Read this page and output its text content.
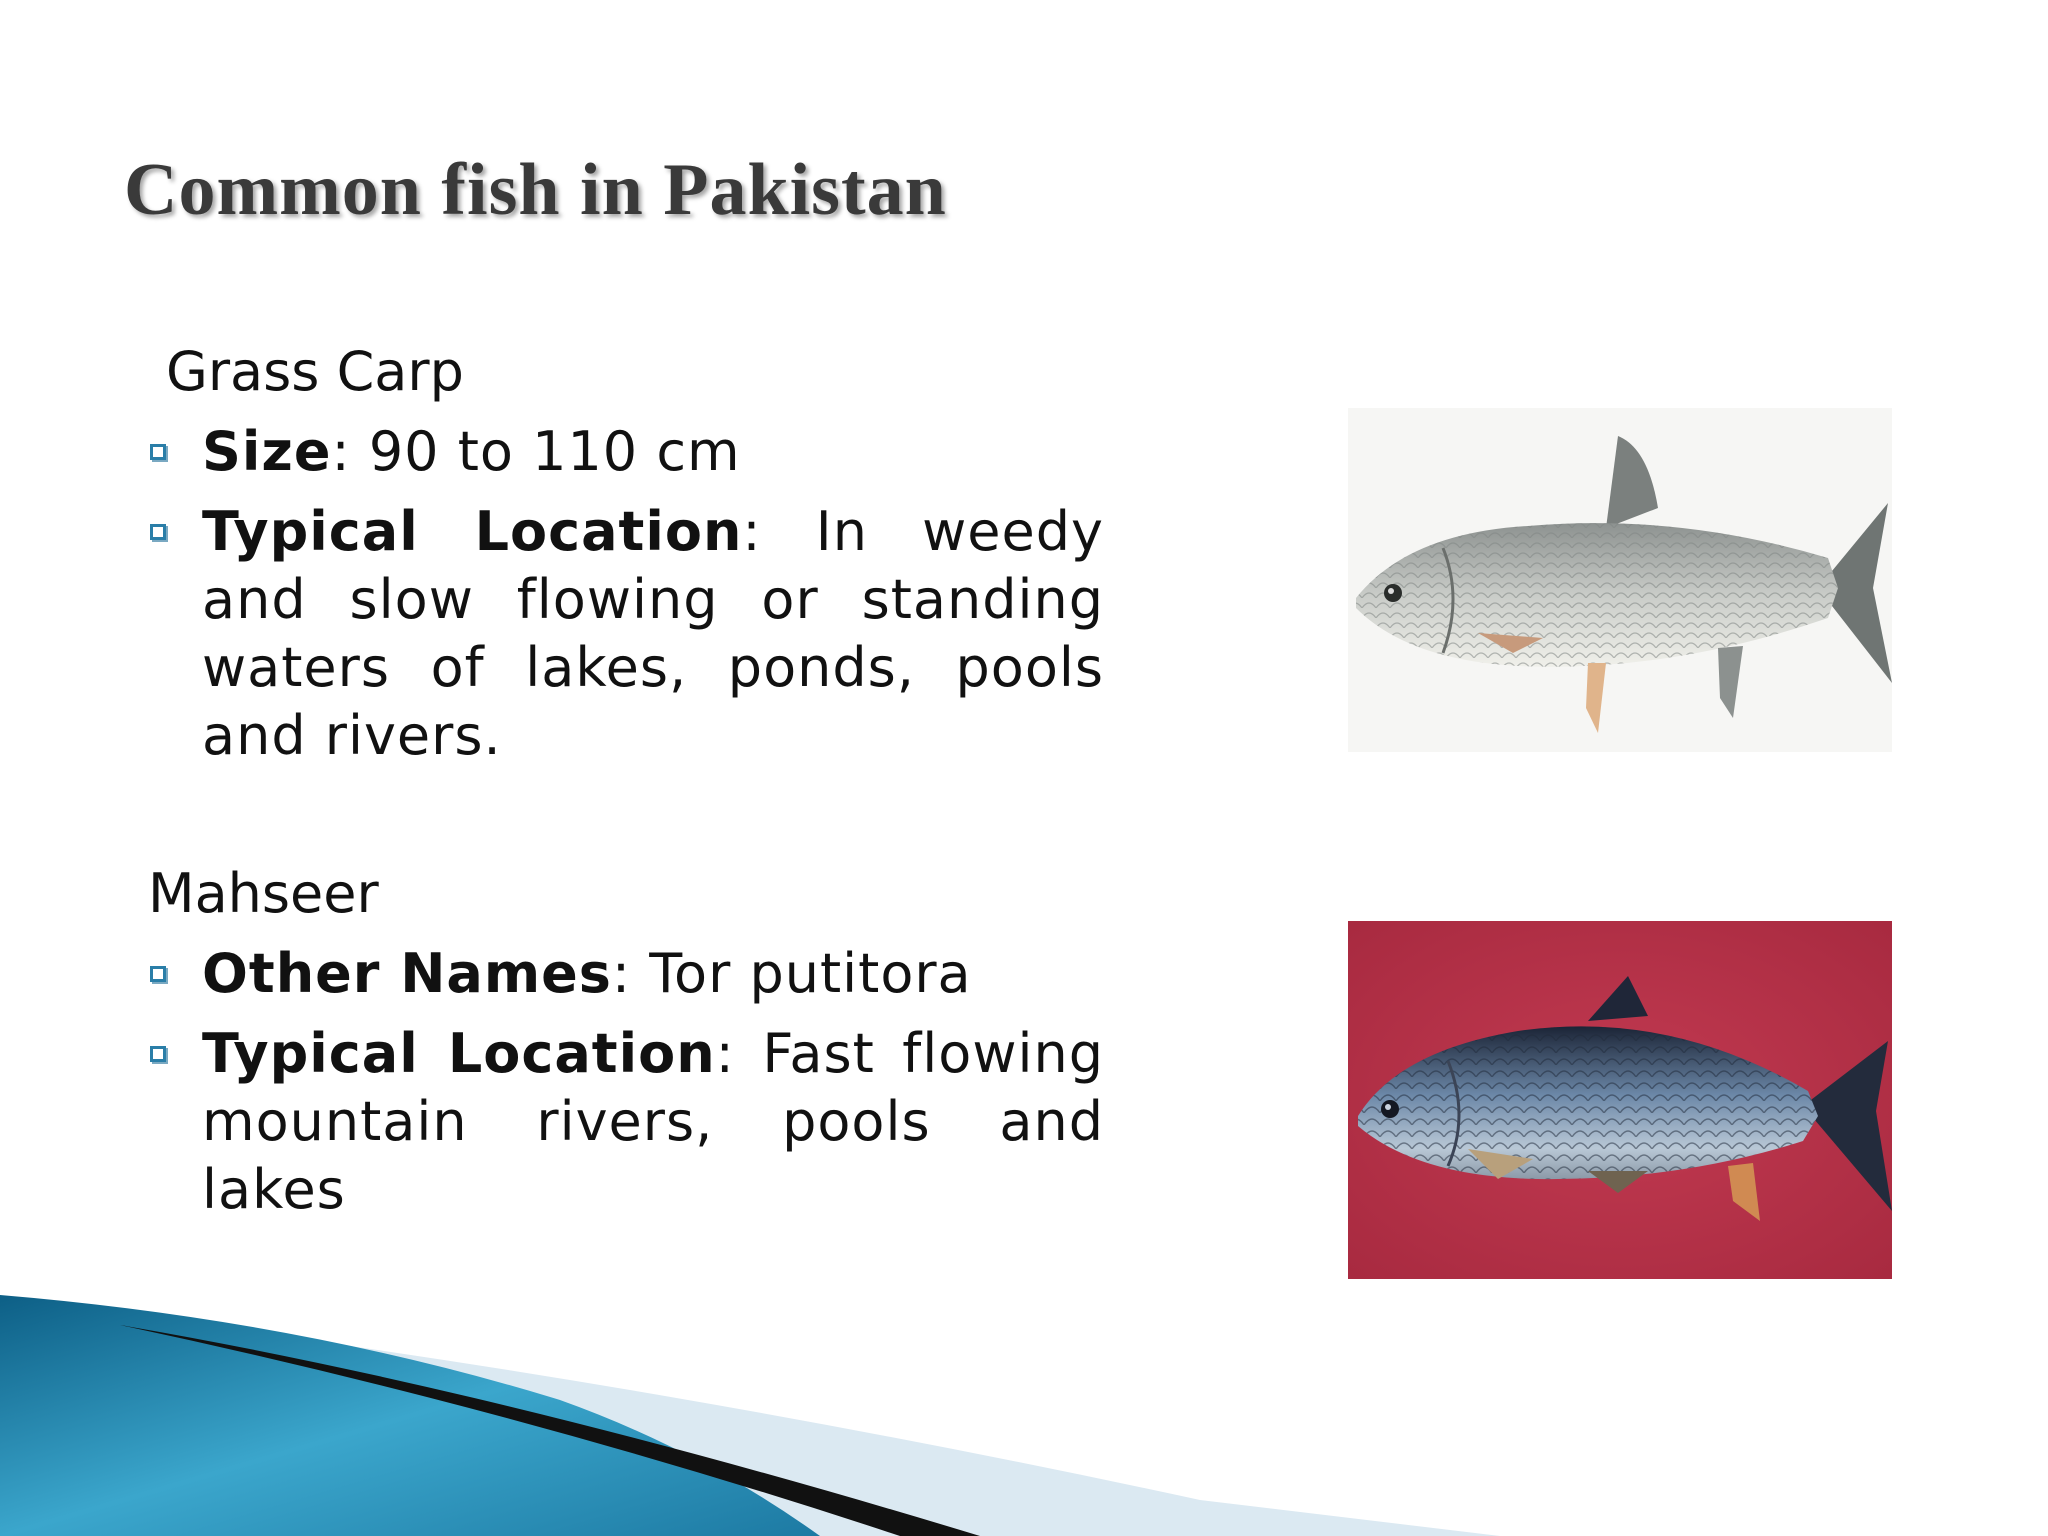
Common fish in Pakistan
Grass Carp
Size: 90 to 110 cm
Typical Location: In weedy and slow flowing or standing waters of lakes, ponds, pools and rivers.
Mahseer
Other Names: Tor putitora
Typical Location: Fast flowing mountain rivers, pools and lakes
